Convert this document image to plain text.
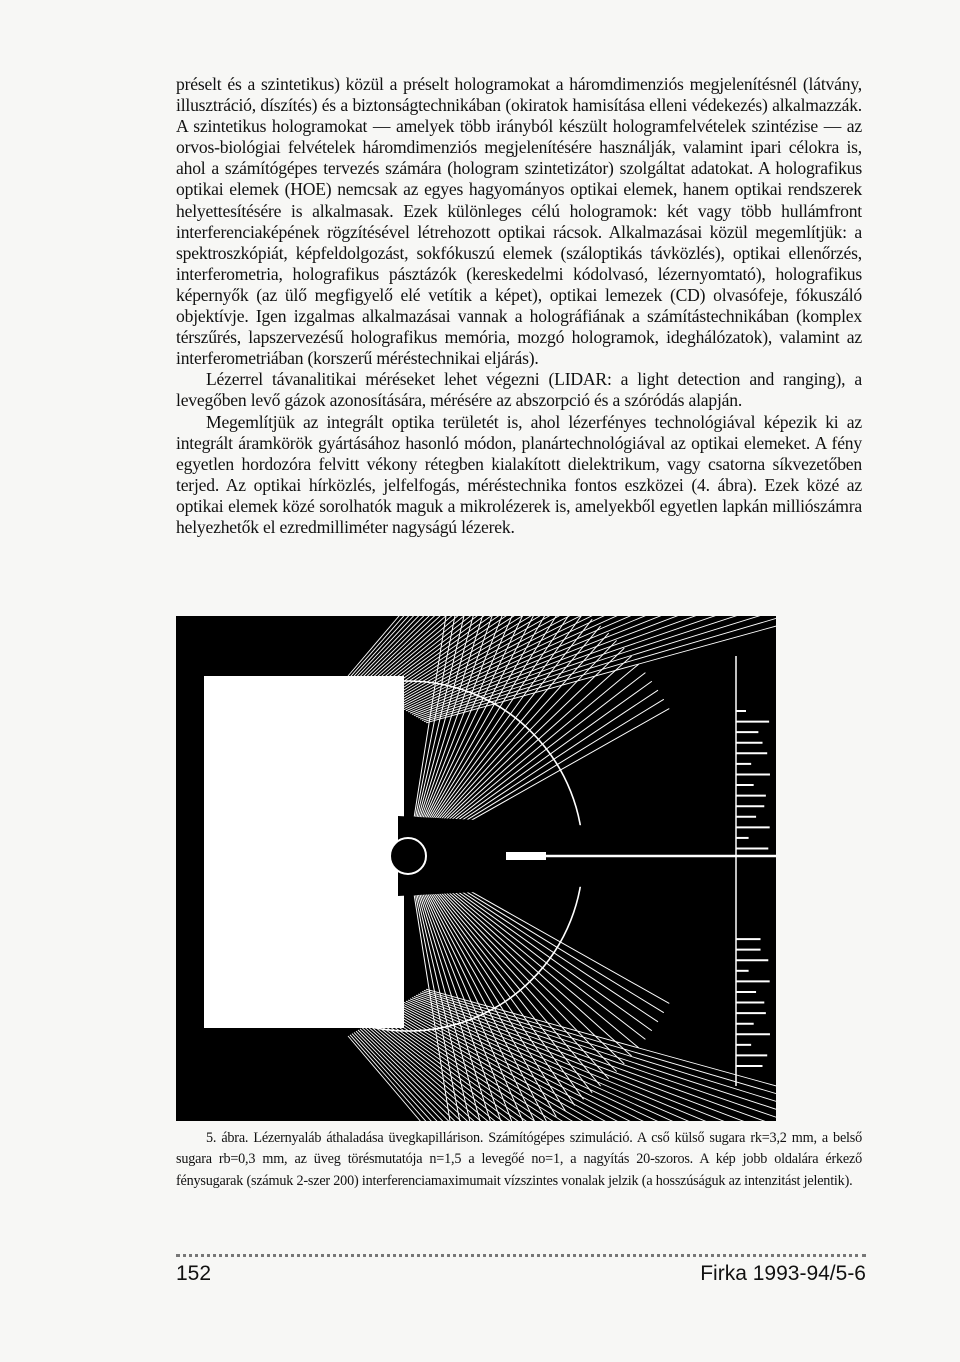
préselt és a szintetikus) közül a préselt hologramokat a háromdimenziós megjelenítésnél (látvány, illusztráció, díszítés) és a biztonságtechnikában (okiratok hamisítása elleni védekezés) alkalmazzák. A szintetikus hologramokat — amelyek több irányból készült hologramfelvételek szintézise — az orvos-biológiai felvételek háromdimenziós megjelenítésére használják, valamint ipari célokra is, ahol a számítógépes tervezés számára (hologram szintetizátor) szolgáltat adatokat. A holografikus optikai elemek (HOE) nemcsak az egyes hagyományos optikai elemek, hanem optikai rendszerek helyettesítésére is alkalmasak. Ezek különleges célú hologramok: két vagy több hullámfront interferenciaképének rögzítésével létrehozott optikai rácsok. Alkalmazásai közül megemlítjük: a spektroszkópiát, képfeldolgozást, sokfókuszú elemek (száloptikás távközlés), optikai ellenőrzés, interferometria, holografikus pásztázók (kereskedelmi kódolvasó, lézernyomtató), holografikus képernyők (az ülő megfigyelő elé vetítik a képet), optikai lemezek (CD) olvasófeje, fókuszáló objektívje. Igen izgalmas alkalmazásai vannak a holográfiának a számítástechnikában (komplex térszűrés, lapszervezésű holografikus memória, mozgó hologramok, ideghálózatok), valamint az interferometriában (korszerű méréstechnikai eljárás).

Lézerrel távanalitikai méréseket lehet végezni (LIDAR: a light detection and ranging), a levegőben levő gázok azonosítására, mérésére az abszorpció és a szóródás alapján.

Megemlítjük az integrált optika területét is, ahol lézerfényes technológiával képezik ki az integrált áramkörök gyártásához hasonló módon, planártechnológiával az optikai elemeket. A fény egyetlen hordozóra felvitt vékony rétegben kialakított dielektrikum, vagy csatorna síkvezetőben terjed. Az optikai hírközlés, jelfelfogás, méréstechnika fontos eszközei (4. ábra). Ezek közé az optikai elemek közé sorolhatók maguk a mikrolézerek is, amelyekből egyetlen lapkán milliószámra helyezhetők el ezredmilliméter nagyságú lézerek.

5. ábra. Lézernyaláb áthaladása üvegkapillárison. Számítógépes szimuláció. A cső külső sugara rk=3,2 mm, a belső sugara rb=0,3 mm, az üveg törésmutatója n=1,5 a levegőé no=1, a nagyítás 20-szoros. A kép jobb oldalára érkező fénysugarak (számuk 2-szer 200) interferenciamaximumait vízszintes vonalak jelzik (a hosszúságuk az intenzitást jelentik).

152	Firka 1993-94/5-6
